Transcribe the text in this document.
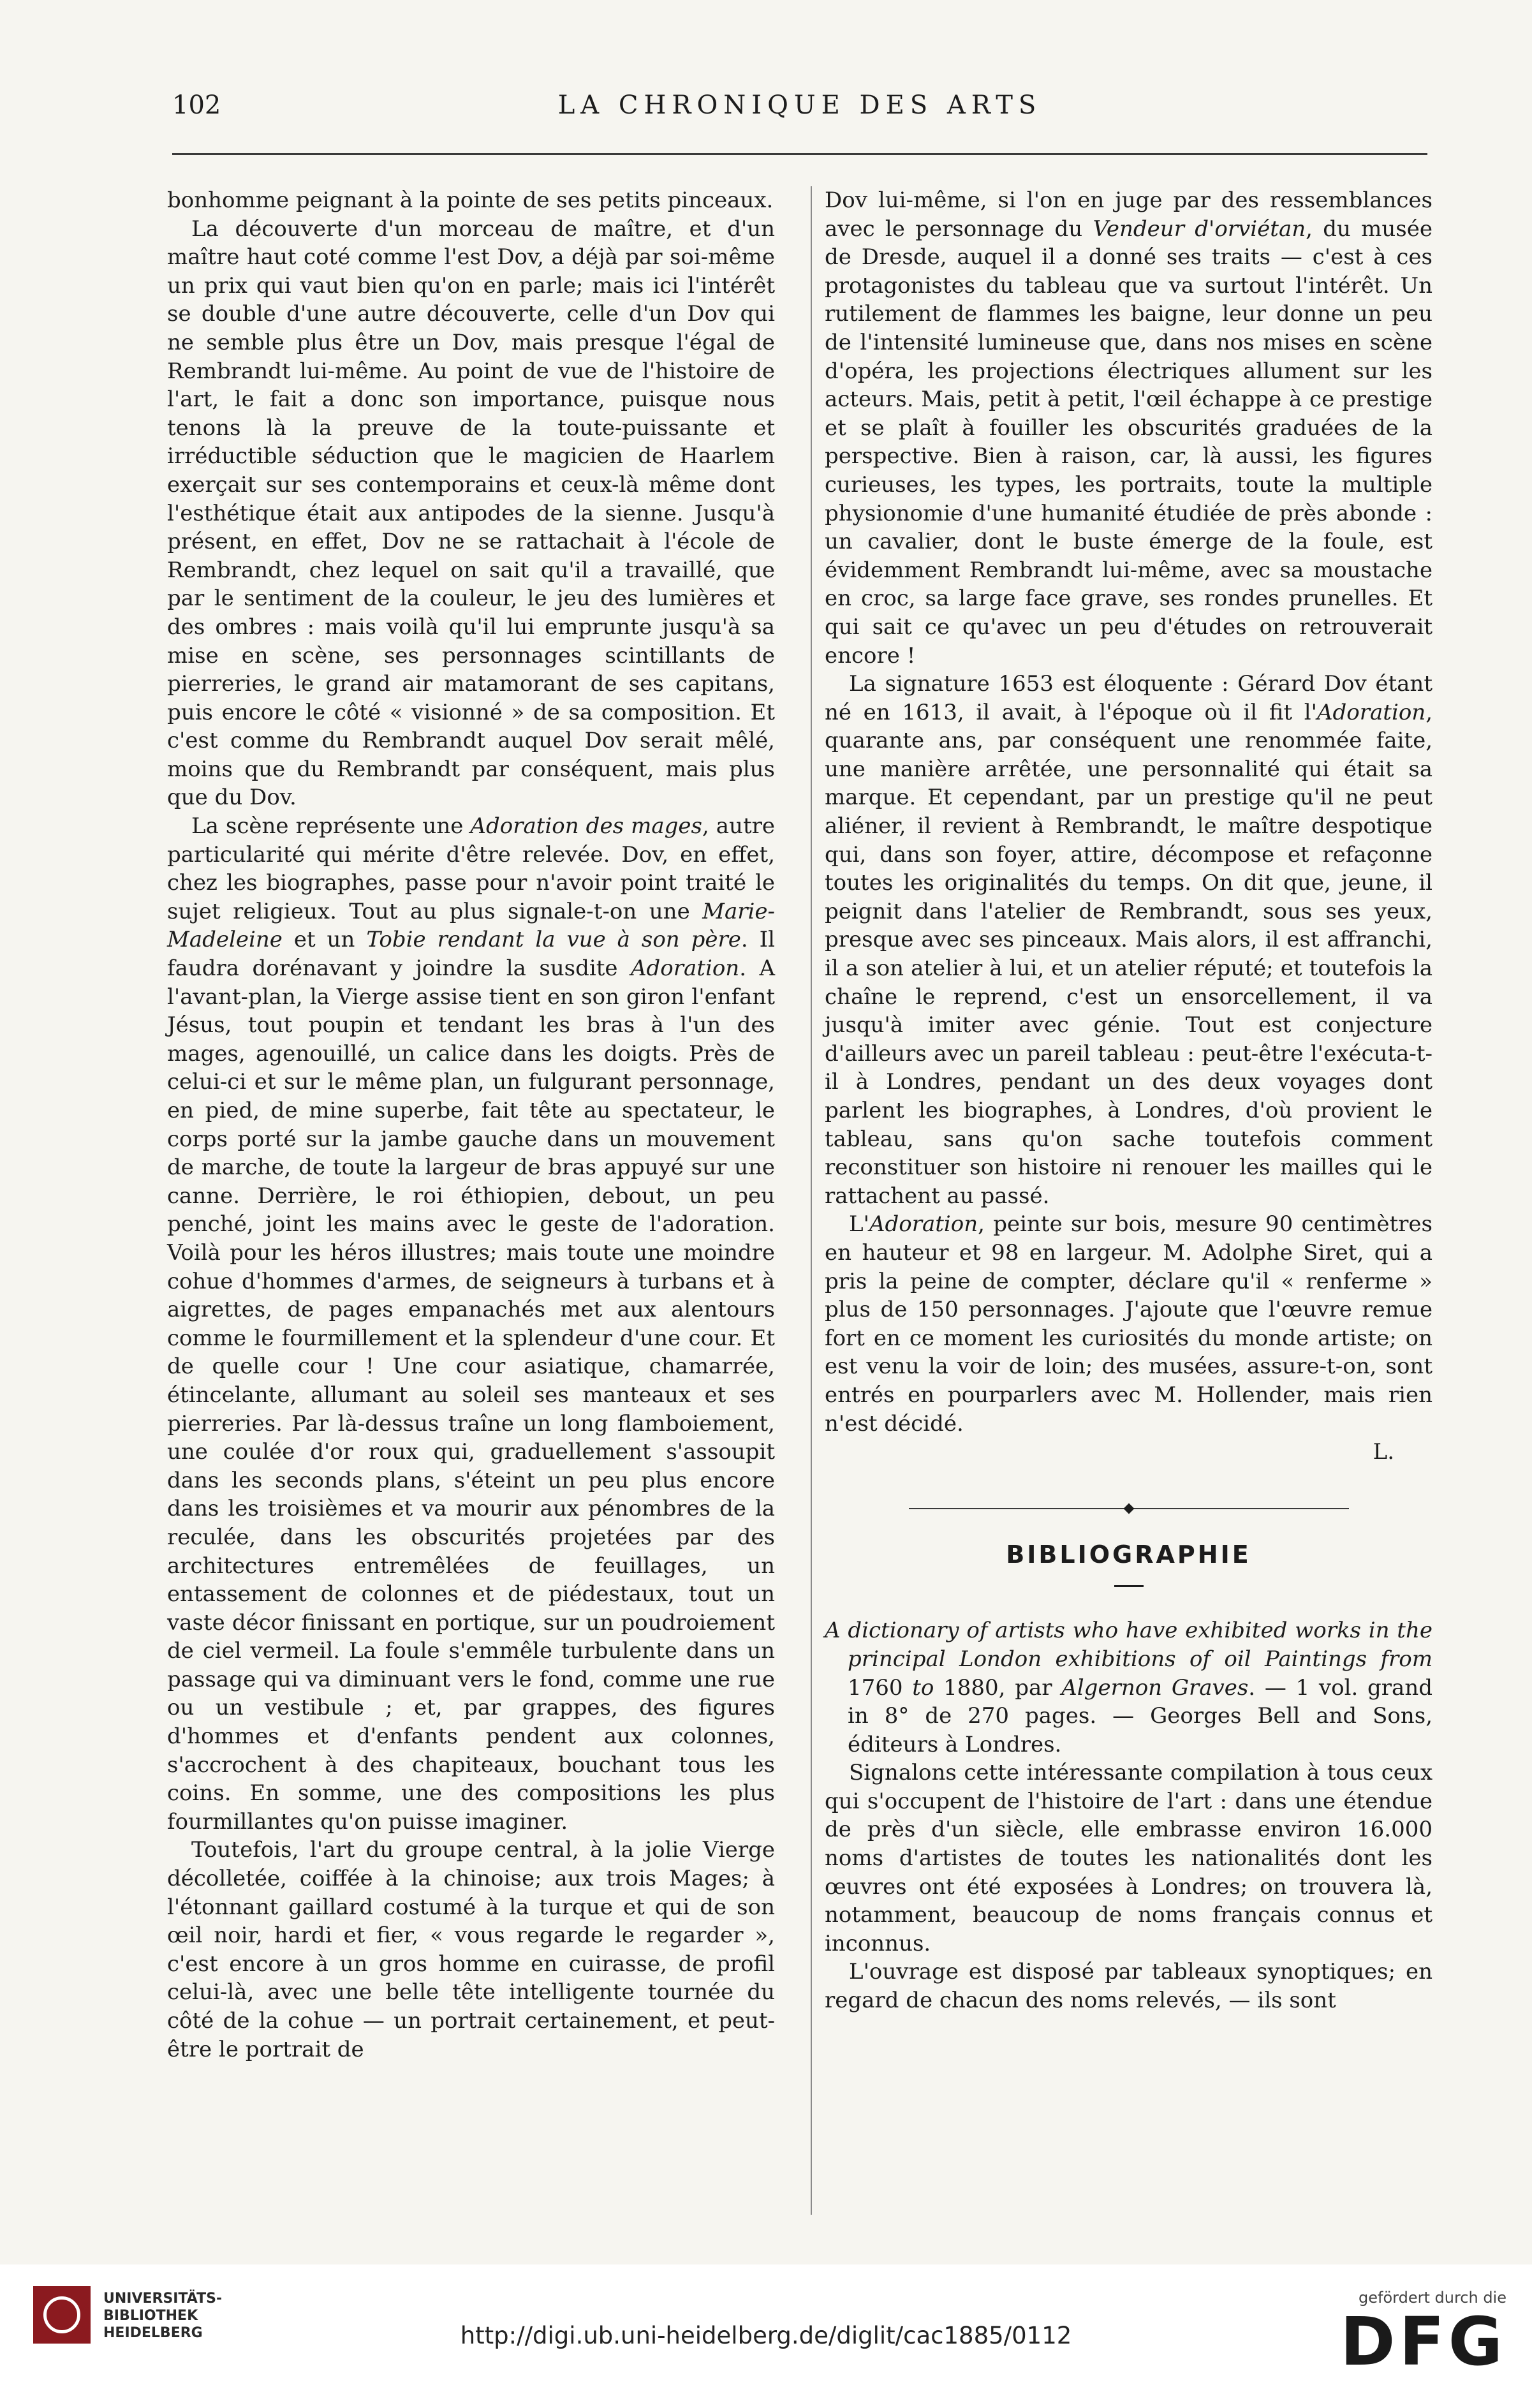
102	LA CHRONIQUE DES ARTS

bonhomme peignant à la pointe de ses petits pinceaux.

La découverte d'un morceau de maître, et d'un maître haut coté comme l'est Dov, a déjà par soi-même un prix qui vaut bien qu'on en parle; mais ici l'intérêt se double d'une autre découverte, celle d'un Dov qui ne semble plus être un Dov, mais presque l'égal de Rembrandt lui-même. Au point de vue de l'histoire de l'art, le fait a donc son importance, puisque nous tenons là la preuve de la toute-puissante et irréductible séduction que le magicien de Haarlem exerçait sur ses contemporains et ceux-là même dont l'esthétique était aux antipodes de la sienne. Jusqu'à présent, en effet, Dov ne se rattachait à l'école de Rembrandt, chez lequel on sait qu'il a travaillé, que par le sentiment de la couleur, le jeu des lumières et des ombres : mais voilà qu'il lui emprunte jusqu'à sa mise en scène, ses personnages scintillants de pierreries, le grand air matamorant de ses capitans, puis encore le côté « visionné » de sa composition. Et c'est comme du Rembrandt auquel Dov serait mêlé, moins que du Rembrandt par conséquent, mais plus que du Dov.

La scène représente une Adoration des mages, autre particularité qui mérite d'être relevée. Dov, en effet, chez les biographes, passe pour n'avoir point traité le sujet religieux. Tout au plus signale-t-on une Marie-Madeleine et un Tobie rendant la vue à son père. Il faudra dorénavant y joindre la susdite Adoration. A l'avant-plan, la Vierge assise tient en son giron l'enfant Jésus, tout poupin et tendant les bras à l'un des mages, agenouillé, un calice dans les doigts. Près de celui-ci et sur le même plan, un fulgurant personnage, en pied, de mine superbe, fait tête au spectateur, le corps porté sur la jambe gauche dans un mouvement de marche, de toute la largeur de bras appuyé sur une canne. Derrière, le roi éthiopien, debout, un peu penché, joint les mains avec le geste de l'adoration. Voilà pour les héros illustres; mais toute une moindre cohue d'hommes d'armes, de seigneurs à turbans et à aigrettes, de pages empanachés met aux alentours comme le fourmillement et la splendeur d'une cour. Et de quelle cour ! Une cour asiatique, chamarrée, étincelante, allumant au soleil ses manteaux et ses pierreries. Par là-dessus traîne un long flamboiement, une coulée d'or roux qui, graduellement s'assoupit dans les seconds plans, s'éteint un peu plus encore dans les troisièmes et va mourir aux pénombres de la reculée, dans les obscurités projetées par des architectures entremêlées de feuillages, un entassement de colonnes et de piédestaux, tout un vaste décor finissant en portique, sur un poudroiement de ciel vermeil. La foule s'emmêle turbulente dans un passage qui va diminuant vers le fond, comme une rue ou un vestibule ; et, par grappes, des figures d'hommes et d'enfants pendent aux colonnes, s'accrochent à des chapiteaux, bouchant tous les coins. En somme, une des compositions les plus fourmillantes qu'on puisse imaginer.

Toutefois, l'art du groupe central, à la jolie Vierge décolletée, coiffée à la chinoise; aux trois Mages; à l'étonnant gaillard costumé à la turque et qui de son œil noir, hardi et fier, « vous regarde le regarder », c'est encore à un gros homme en cuirasse, de profil celui-là, avec une belle tête intelligente tournée du côté de la cohue — un portrait certainement, et peut-être le portrait de

Dov lui-même, si l'on en juge par des ressemblances avec le personnage du Vendeur d'orviétan, du musée de Dresde, auquel il a donné ses traits — c'est à ces protagonistes du tableau que va surtout l'intérêt. Un rutilement de flammes les baigne, leur donne un peu de l'intensité lumineuse que, dans nos mises en scène d'opéra, les projections électriques allument sur les acteurs. Mais, petit à petit, l'œil échappe à ce prestige et se plaît à fouiller les obscurités graduées de la perspective. Bien à raison, car, là aussi, les figures curieuses, les types, les portraits, toute la multiple physionomie d'une humanité étudiée de près abonde : un cavalier, dont le buste émerge de la foule, est évidemment Rembrandt lui-même, avec sa moustache en croc, sa large face grave, ses rondes prunelles. Et qui sait ce qu'avec un peu d'études on retrouverait encore !

La signature 1653 est éloquente : Gérard Dov étant né en 1613, il avait, à l'époque où il fit l'Adoration, quarante ans, par conséquent une renommée faite, une manière arrêtée, une personnalité qui était sa marque. Et cependant, par un prestige qu'il ne peut aliéner, il revient à Rembrandt, le maître despotique qui, dans son foyer, attire, décompose et refaçonne toutes les originalités du temps. On dit que, jeune, il peignit dans l'atelier de Rembrandt, sous ses yeux, presque avec ses pinceaux. Mais alors, il est affranchi, il a son atelier à lui, et un atelier réputé; et toutefois la chaîne le reprend, c'est un ensorcellement, il va jusqu'à imiter avec génie. Tout est conjecture d'ailleurs avec un pareil tableau : peut-être l'exécuta-t-il à Londres, pendant un des deux voyages dont parlent les biographes, à Londres, d'où provient le tableau, sans qu'on sache toutefois comment reconstituer son histoire ni renouer les mailles qui le rattachent au passé.

L'Adoration, peinte sur bois, mesure 90 centimètres en hauteur et 98 en largeur. M. Adolphe Siret, qui a pris la peine de compter, déclare qu'il « renferme » plus de 150 personnages. J'ajoute que l'œuvre remue fort en ce moment les curiosités du monde artiste; on est venu la voir de loin; des musées, assure-t-on, sont entrés en pourparlers avec M. Hollender, mais rien n'est décidé.

L.

BIBLIOGRAPHIE

A dictionary of artists who have exhibited works in the principal London exhibitions of oil Paintings from 1760 to 1880, par Algernon Graves. — 1 vol. grand in 8° de 270 pages. — Georges Bell and Sons, éditeurs à Londres.

Signalons cette intéressante compilation à tous ceux qui s'occupent de l'histoire de l'art : dans une étendue de près d'un siècle, elle embrasse environ 16.000 noms d'artistes de toutes les nationalités dont les œuvres ont été exposées à Londres; on trouvera là, notamment, beaucoup de noms français connus et inconnus.

L'ouvrage est disposé par tableaux synoptiques; en regard de chacun des noms relevés, — ils sont

UNIVERSITÄTS-
BIBLIOTHEK
HEIDELBERG	http://digi.ub.uni-heidelberg.de/diglit/cac1885/0112
gefördert durch die
DFG
